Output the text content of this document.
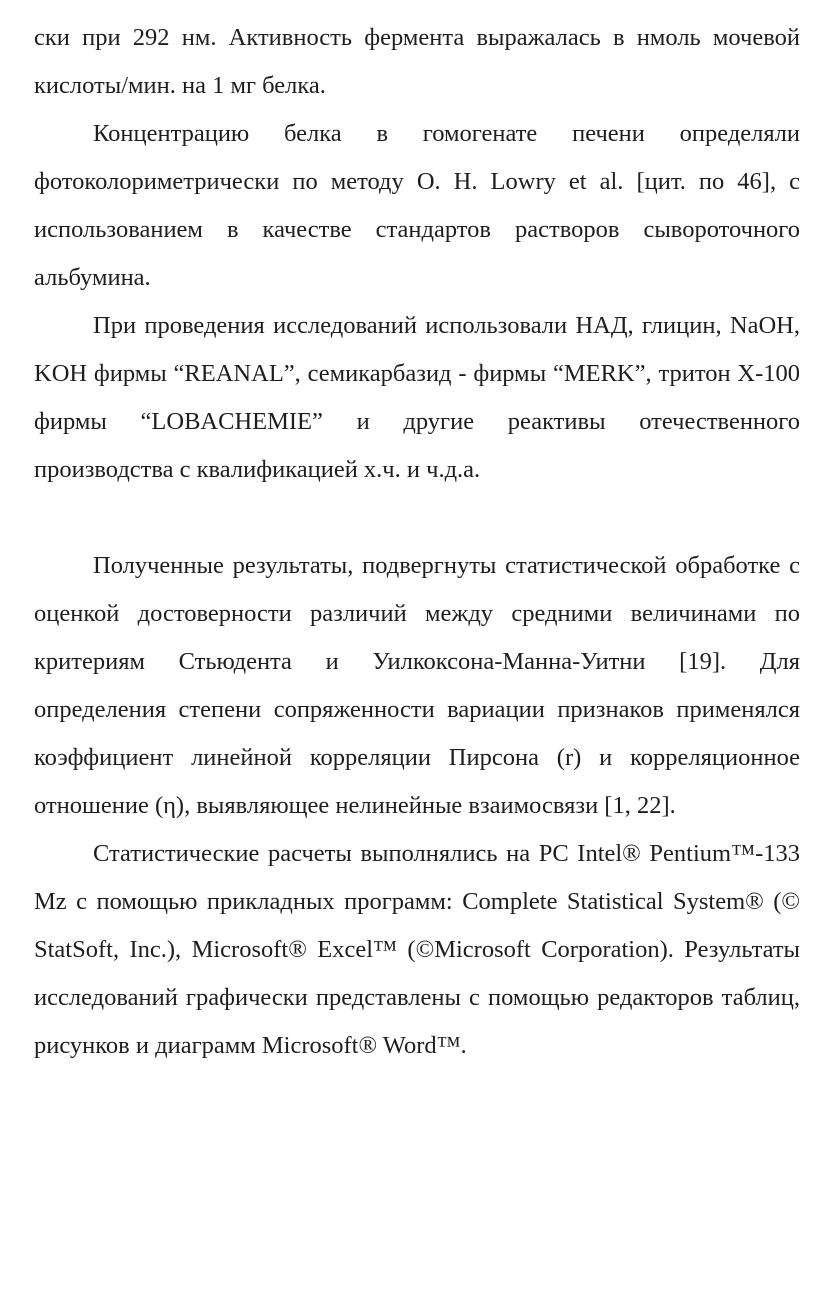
ски при 292 нм. Активность фермента выражалась в нмоль мочевой кислоты/мин. на 1 мг белка.

Концентрацию белка в гомогенате печени определяли фотоколориметрически по методу O. H. Lowry et al. [цит. по 46], с использованием в качестве стандартов растворов сывороточного альбумина.

При проведения исследований использовали НАД, глицин, NaOH, KOH фирмы “REANAL”, семикарбазид - фирмы “MERK”, тритон Х-100 фирмы “LOBACHEMIE” и другие реактивы отечественного производства с квалификацией х.ч. и ч.д.а.

Полученные результаты, подвергнуты статистической обработке с оценкой достоверности различий между средними величинами по критериям Стьюдента и Уилкоксона-Манна-Уитни [19]. Для определения степени сопряженности вариации признаков применялся коэффициент линейной корреляции Пирсона (r) и корреляционное отношение (η), выявляющее нелинейные взаимосвязи [1, 22].

Статистические расчеты выполнялись на PC Intel® Pentium™-133 Mz с помощью прикладных программ: Complete Statistical System® (© StatSoft, Inc.), Microsoft® Excel™ (©Microsoft Corporation). Результаты исследований графически представлены с помощью редакторов таблиц, рисунков и диаграмм Microsoft® Word™.
